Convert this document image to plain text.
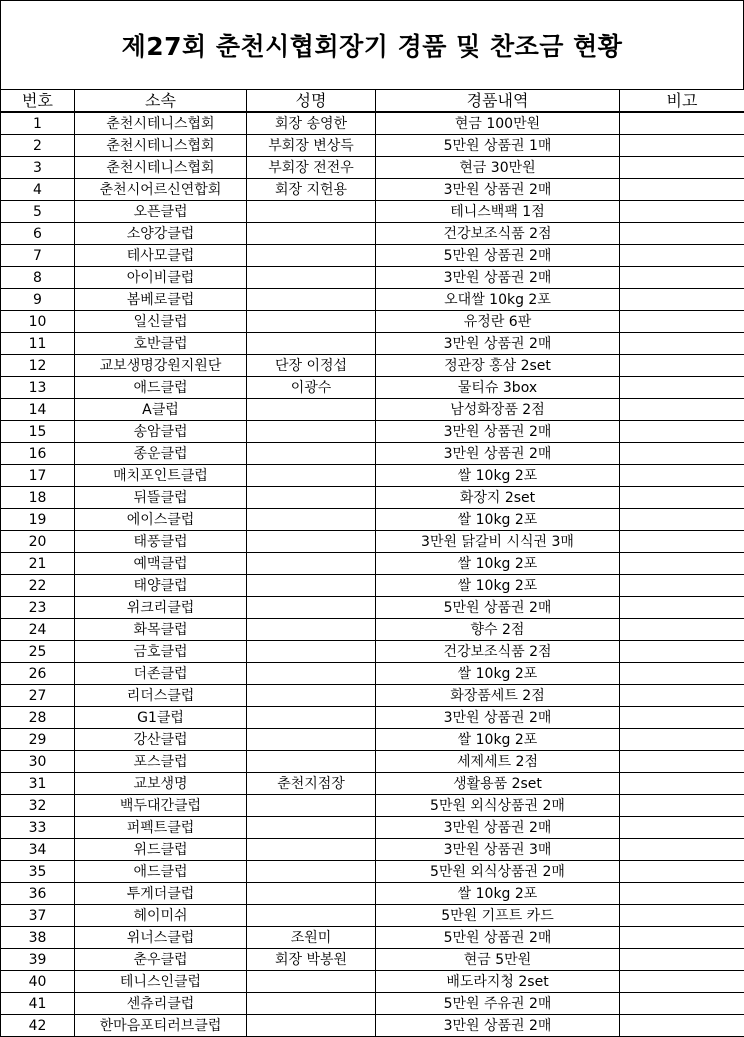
제27회 춘천시협회장기 경품 및 찬조금 현황
번호	소속	성명	경품내역	비고
1	춘천시테니스협회	회장 송영한	현금 100만원	
2	춘천시테니스협회	부회장 변상득	5만원 상품권 1매	
3	춘천시테니스협회	부회장 전전우	현금 30만원	
4	춘천시어르신연합회	회장 지헌용	3만원 상품권 2매	
5	오픈클럽		테니스백팩 1점	
6	소양강클럽		건강보조식품 2점	
7	테사모클럽		5만원 상품권 2매	
8	아이비클럽		3만원 상품권 2매	
9	봄베로클럽		오대쌀 10kg 2포	
10	일신클럽		유정란 6판	
11	호반클럽		3만원 상품권 2매	
12	교보생명강원지원단	단장 이정섭	정관장 홍삼 2set	
13	애드클럽	이광수	물티슈 3box	
14	A클럽		남성화장품 2점	
15	송암클럽		3만원 상품권 2매	
16	종운클럽		3만원 상품권 2매	
17	매치포인트클럽		쌀 10kg 2포	
18	뒤뜰클럽		화장지 2set	
19	에이스클럽		쌀 10kg 2포	
20	태풍클럽		3만원 닭갈비 시식권 3매	
21	예맥클럽		쌀 10kg 2포	
22	태양클럽		쌀 10kg 2포	
23	위크리클럽		5만원 상품권 2매	
24	화목클럽		향수 2점	
25	금호클럽		건강보조식품 2점	
26	더존클럽		쌀 10kg 2포	
27	리더스클럽		화장품세트 2점	
28	G1클럽		3만원 상품권 2매	
29	강산클럽		쌀 10kg 2포	
30	포스클럽		세제세트 2점	
31	교보생명	춘천지점장	생활용품 2set	
32	백두대간클럽		5만원 외식상품권 2매	
33	퍼펙트클럽		3만원 상품권 2매	
34	위드클럽		3만원 상품권 3매	
35	애드클럽		5만원 외식상품권 2매	
36	투게더클럽		쌀 10kg 2포	
37	헤이미쉬		5만원 기프트 카드	
38	위너스클럽	조원미	5만원 상품권 2매	
39	춘우클럽	회장 박봉원	현금 5만원	
40	테니스인클럽		배도라지청 2set	
41	센츄리클럽		5만원 주유권 2매	
42	한마음포티러브클럽		3만원 상품권 2매	
